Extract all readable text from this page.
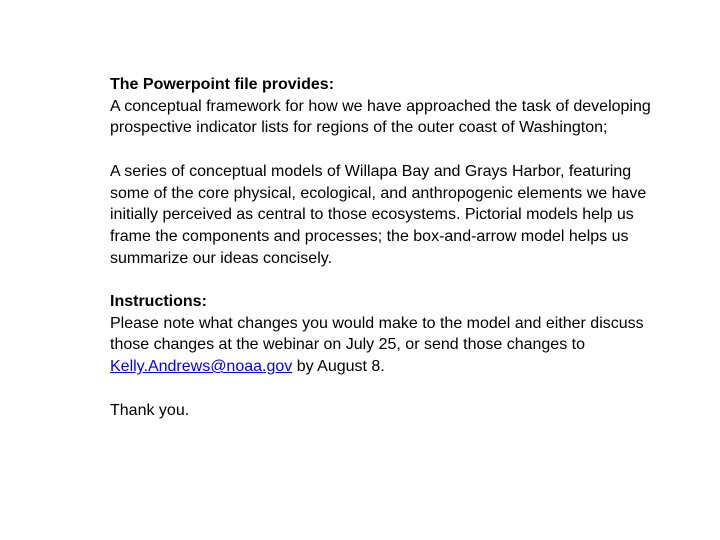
The Powerpoint file provides:
A conceptual framework for how we have approached the task of developing prospective indicator lists for regions of the outer coast of Washington;

A series of conceptual models of Willapa Bay and Grays Harbor, featuring some of the core physical, ecological, and anthropogenic elements we have initially perceived as central to those ecosystems. Pictorial models help us frame the components and processes; the box-and-arrow model helps us summarize our ideas concisely.

Instructions:
Please note what changes you would make to the model and either discuss those changes at the webinar on July 25, or send those changes to Kelly.Andrews@noaa.gov by August 8.

Thank you.
